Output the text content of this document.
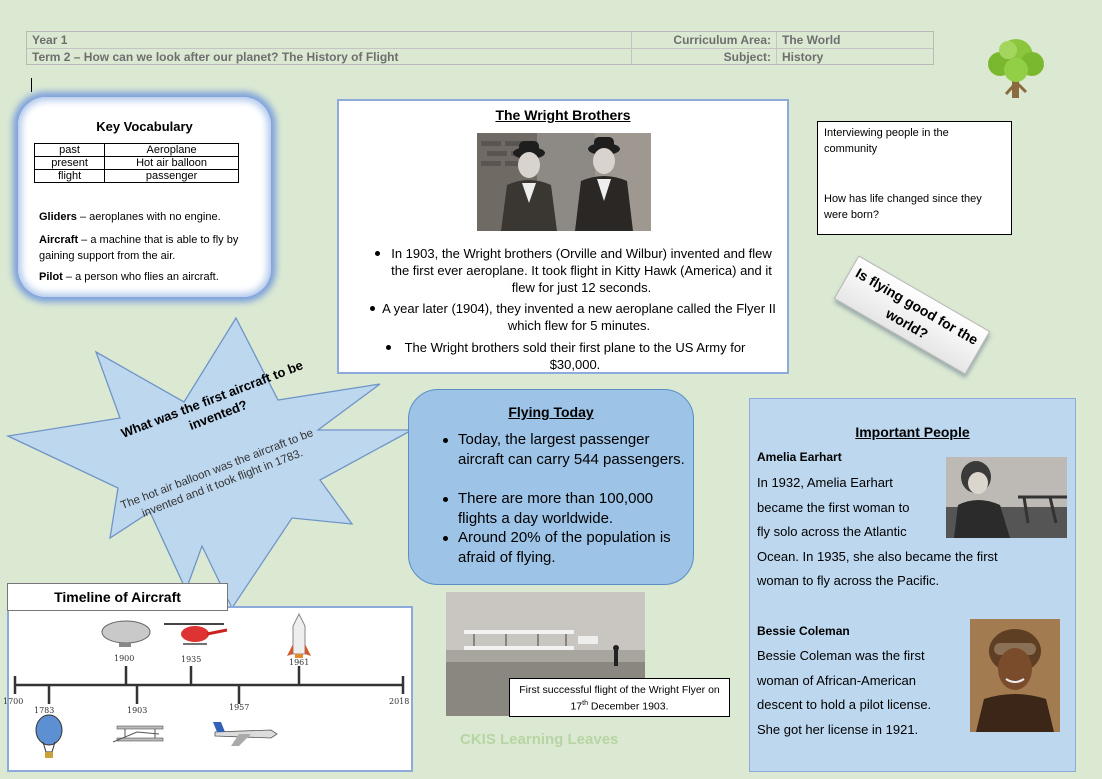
Year 1	Curriculum Area: The World
Term 2 – How can we look after our planet? The History of Flight	Subject: History
Key Vocabulary
past	Aeroplane
present	Hot air balloon
flight	passenger
Gliders – aeroplanes with no engine.
Aircraft – a machine that is able to fly by gaining support from the air.
Pilot – a person who flies an aircraft.
The Wright Brothers
In 1903, the Wright brothers (Orville and Wilbur) invented and flew the first ever aeroplane. It took flight in Kitty Hawk (America) and it flew for just 12 seconds.
A year later (1904), they invented a new aeroplane called the Flyer II which flew for 5 minutes.
The Wright brothers sold their first plane to the US Army for $30,000.
Interviewing people in the community
How has life changed since they were born?
Is flying good for the world?
What was the first aircraft to be invented?
The hot air balloon was the aircraft to be invented and it took flight in 1783.
Flying Today
Today, the largest passenger aircraft can carry 544 passengers.
There are more than 100,000 flights a day worldwide.
Around 20% of the population is afraid of flying.
Important People
Amelia Earhart
In 1932, Amelia Earhart
became the first woman to
fly solo across the Atlantic
Ocean. In 1935, she also became the first
woman to fly across the Pacific.
Bessie Coleman
Bessie Coleman was the first
woman of African-American
descent to hold a pilot license.
She got her license in 1921.
1700	2018
1900	1935	1961
1783	1903	1957
Timeline of Aircraft
First successful flight of the Wright Flyer on 17th December 1903.
CKIS Learning Leaves
